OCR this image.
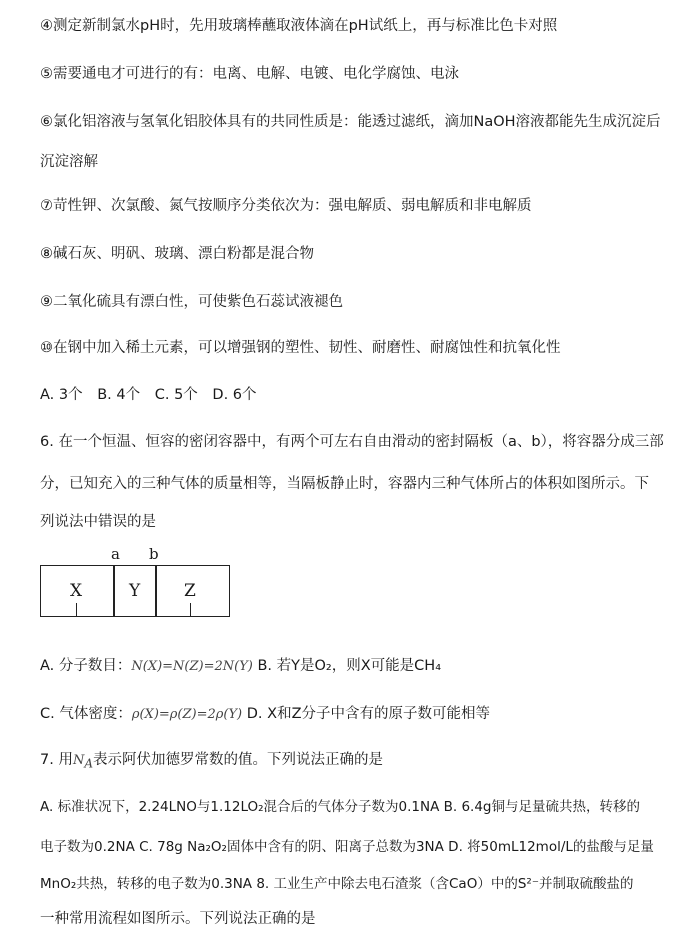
④测定新制氯水pH时，先用玻璃棒蘸取液体滴在pH试纸上，再与标准比色卡对照
⑤需要通电才可进行的有：电离、电解、电镀、电化学腐蚀、电泳
⑥氯化铝溶液与氢氧化铝胶体具有的共同性质是：能透过滤纸，滴加NaOH溶液都能先生成沉淀后
沉淀溶解
⑦苛性钾、次氯酸、氮气按顺序分类依次为：强电解质、弱电解质和非电解质
⑧碱石灰、明矾、玻璃、漂白粉都是混合物
⑨二氧化硫具有漂白性，可使紫色石蕊试液褪色
⑩在钢中加入稀土元素，可以增强钢的塑性、韧性、耐磨性、耐腐蚀性和抗氧化性
A. 3个 B. 4个 C. 5个 D. 6个
6. 在一个恒温、恒容的密闭容器中，有两个可左右自由滑动的密封隔板（a、b），将容器分成三部
分，已知充入的三种气体的质量相等，当隔板静止时，容器内三种气体所占的体积如图所示。下
列说法中错误的是
a b
X	Y	Z
A. 分子数目：N(X)=N(Z)=2N(Y) B. 若Y是O₂，则X可能是CH₄
C. 气体密度：ρ(X)=ρ(Z)=2ρ(Y) D. X和Z分子中含有的原子数可能相等
7. 用$N_A$表示阿伏加德罗常数的值。下列说法正确的是
A. 标准状况下，2.24LNO与1.12LO₂混合后的气体分子数为0.1NA B. 6.4g铜与足量硫共热，转移的
电子数为0.2NA C. 78g Na₂O₂固体中含有的阴、阳离子总数为3NA D. 将50mL12mol/L的盐酸与足量
MnO₂共热，转移的电子数为0.3NA 8. 工业生产中除去电石渣浆（含CaO）中的S²⁻并制取硫酸盐的
一种常用流程如图所示。下列说法正确的是
